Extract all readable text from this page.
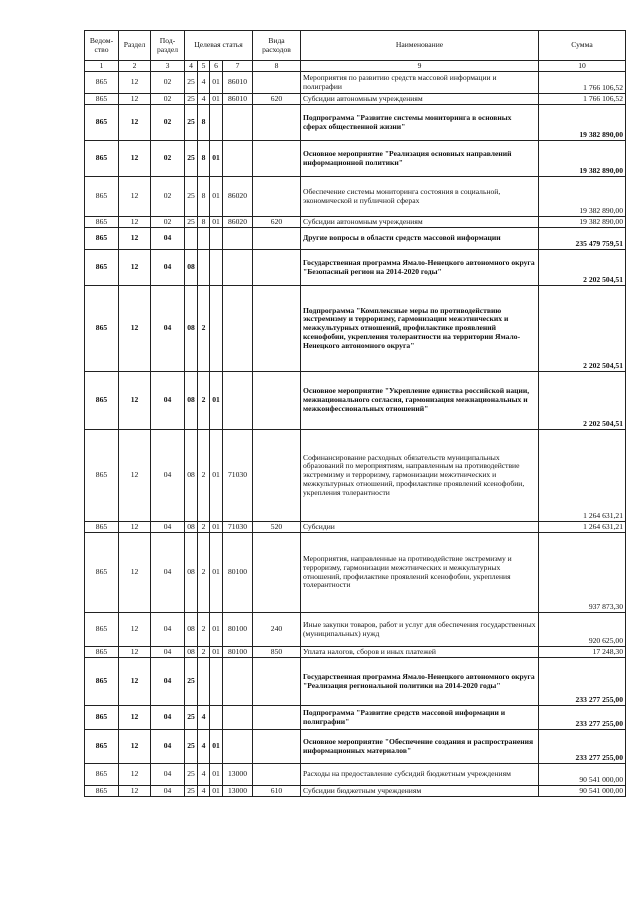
Ведом-ство	Раздел	Под-раздел	Целевая статья				Вида расходов	Наименование	Сумма
1	2	3	4	5	6	7	8	9	10
865	12	02	25	4	01	86010		Мероприятия по развитию средств массовой информации и полиграфии	1 766 106,52
865	12	02	25	4	01	86010	620	Субсидии автономным учреждениям	1 766 106,52
865	12	02	25	8				Подпрограмма "Развитие системы мониторинга в основных сферах общественной жизни"	19 382 890,00
865	12	02	25	8	01			Основное мероприятие "Реализация основных направлений информационной политики"	19 382 890,00
865	12	02	25	8	01	86020		Обеспечение системы мониторинга состояния в социальной, экономической и публичной сферах	19 382 890,00
865	12	02	25	8	01	86020	620	Субсидии автономным учреждениям	19 382 890,00
865	12	04						Другие вопросы в области средств массовой информации	235 479 759,51
865	12	04	08					Государственная программа Ямало-Ненецкого автономного округа "Безопасный регион на 2014-2020 годы"	2 202 504,51
865	12	04	08	2				Подпрограмма "Комплексные меры по противодействию экстремизму и терроризму, гармонизации межэтнических и межкультурных отношений, профилактике проявлений ксенофобии, укрепления толерантности на территории Ямало-Ненецкого автономного округа"	2 202 504,51
865	12	04	08	2	01			Основное мероприятие "Укрепление единства российской нации, межнационального согласия, гармонизация межнациональных и межконфессиональных отношений"	2 202 504,51
865	12	04	08	2	01	71030		Софинансирование расходных обязательств муниципальных образований по мероприятиям, направленным на противодействие экстремизму и терроризму, гармонизации межэтнических и межкультурных отношений, профилактике проявлений ксенофобии, укрепления толерантности	1 264 631,21
865	12	04	08	2	01	71030	520	Субсидии	1 264 631,21
865	12	04	08	2	01	80100		Мероприятия, направленные на противодействие экстремизму и терроризму, гармонизации межэтнических и межкультурных отношений, профилактике проявлений ксенофобии, укрепления толерантности	937 873,30
865	12	04	08	2	01	80100	240	Иные закупки товаров, работ и услуг для обеспечения государственных (муниципальных) нужд	920 625,00
865	12	04	08	2	01	80100	850	Уплата налогов, сборов и иных платежей	17 248,30
865	12	04	25					Государственная программа Ямало-Ненецкого автономного округа "Реализация региональной политики на 2014-2020 годы"	233 277 255,00
865	12	04	25	4				Подпрограмма "Развитие средств массовой информации и полиграфии"	233 277 255,00
865	12	04	25	4	01			Основное мероприятие "Обеспечение создания и распространения информационных материалов"	233 277 255,00
865	12	04	25	4	01	13000		Расходы на предоставление субсидий бюджетным учреждениям	90 541 000,00
865	12	04	25	4	01	13000	610	Субсидии бюджетным учреждениям	90 541 000,00
